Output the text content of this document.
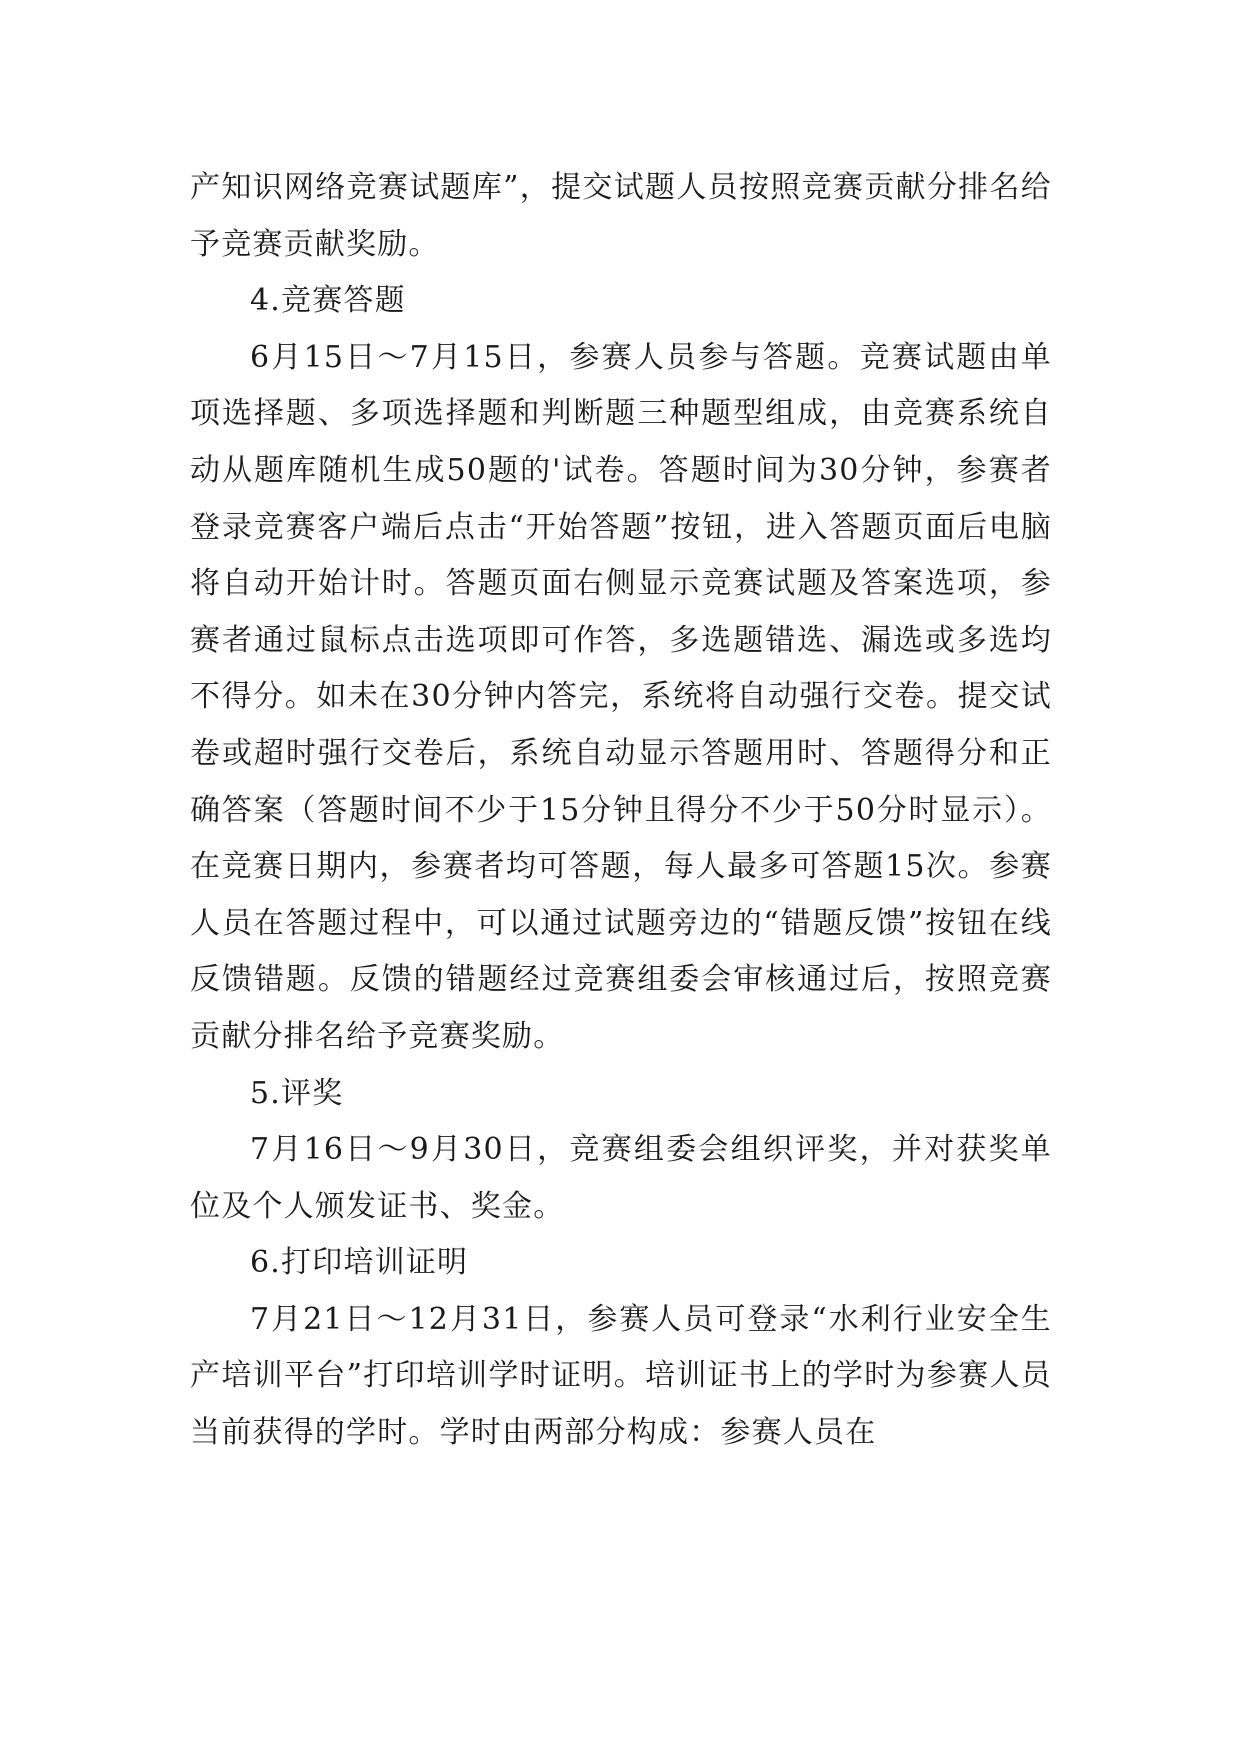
产知识网络竞赛试题库”，提交试题人员按照竞赛贡献分排名给予竞赛贡献奖励。

4.竞赛答题

6月15日～7月15日，参赛人员参与答题。竞赛试题由单项选择题、多项选择题和判断题三种题型组成，由竞赛系统自动从题库随机生成50题的'试卷。答题时间为30分钟，参赛者登录竞赛客户端后点击“开始答题”按钮，进入答题页面后电脑将自动开始计时。答题页面右侧显示竞赛试题及答案选项，参赛者通过鼠标点击选项即可作答，多选题错选、漏选或多选均不得分。如未在30分钟内答完，系统将自动强行交卷。提交试卷或超时强行交卷后，系统自动显示答题用时、答题得分和正确答案（答题时间不少于15分钟且得分不少于50分时显示）。在竞赛日期内，参赛者均可答题，每人最多可答题15次。参赛人员在答题过程中，可以通过试题旁边的“错题反馈”按钮在线反馈错题。反馈的错题经过竞赛组委会审核通过后，按照竞赛贡献分排名给予竞赛奖励。

5.评奖

7月16日～9月30日，竞赛组委会组织评奖，并对获奖单位及个人颁发证书、奖金。

6.打印培训证明

7月21日～12月31日，参赛人员可登录“水利行业安全生产培训平台”打印培训学时证明。培训证书上的学时为参赛人员当前获得的学时。学时由两部分构成：参赛人员在
